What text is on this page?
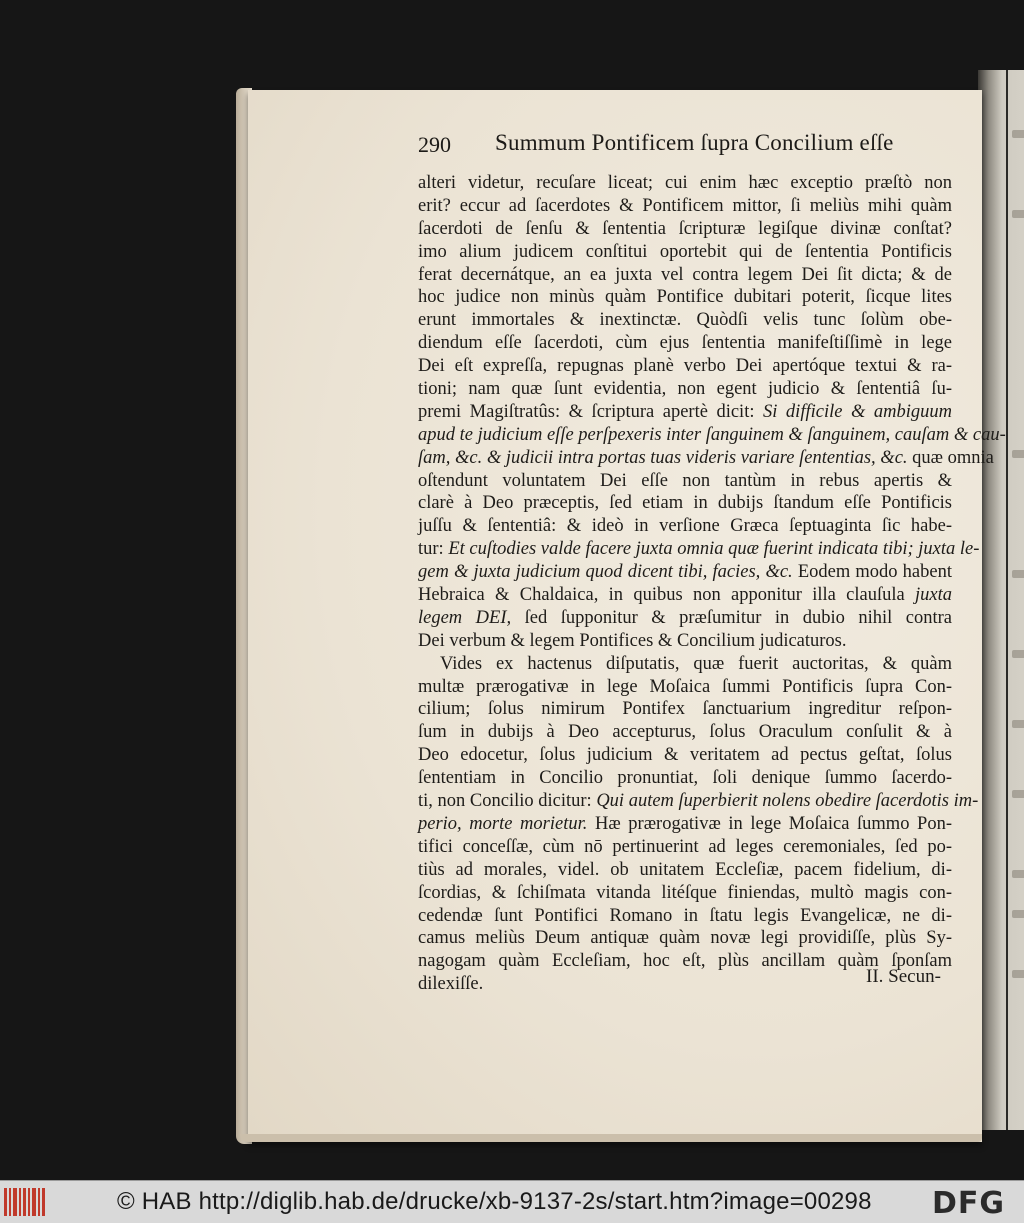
290 Summum Pontificem ſupra Concilium eſſe
alteri videtur, recuſare liceat; cui enim hæc exceptio præſtò non
erit? eccur ad ſacerdotes & Pontificem mittor, ſi meliùs mihi quàm
ſacerdoti de ſenſu & ſententia ſcripturæ legiſque divinæ conſtat?
imo alium judicem conſtitui oportebit qui de ſententia Pontificis
ferat decernátque, an ea juxta vel contra legem Dei ſit dicta; & de
hoc judice non minùs quàm Pontifice dubitari poterit, ſicque lites
erunt immortales & inextinctæ. Quòdſi velis tunc ſolùm obe-
diendum eſſe ſacerdoti, cùm ejus ſententia manifeſtiſſimè in lege
Dei eſt expreſſa, repugnas planè verbo Dei apertóque textui & ra-
tioni; nam quæ ſunt evidentia, non egent judicio & ſententiâ ſu-
premi Magiſtratûs: & ſcriptura apertè dicit: Si difficile & ambiguum
apud te judicium eſſe perſpexeris inter ſanguinem & ſanguinem, cauſam & cau-
ſam, &c. & judicii intra portas tuas videris variare ſententias, &c. quæ omnia
oſtendunt voluntatem Dei eſſe non tantùm in rebus apertis &
clarè à Deo præceptis, ſed etiam in dubijs ſtandum eſſe Pontificis
juſſu & ſententiâ: & ideò in verſione Græca ſeptuaginta ſic habe-
tur: Et cuſtodies valde facere juxta omnia quæ fuerint indicata tibi; juxta le-
gem & juxta judicium quod dicent tibi, facies, &c. Eodem modo habent
Hebraica & Chaldaica, in quibus non apponitur illa clauſula juxta
legem DEI, ſed ſupponitur & præſumitur in dubio nihil contra
Dei verbum & legem Pontifices & Concilium judicaturos.
Vides ex hactenus diſputatis, quæ fuerit auctoritas, & quàm
multæ prærogativæ in lege Moſaica ſummi Pontificis ſupra Con-
cilium; ſolus nimirum Pontifex ſanctuarium ingreditur reſpon-
ſum in dubijs à Deo accepturus, ſolus Oraculum conſulit & à
Deo edocetur, ſolus judicium & veritatem ad pectus geſtat, ſolus
ſententiam in Concilio pronuntiat, ſoli denique ſummo ſacerdo-
ti, non Concilio dicitur: Qui autem ſuperbierit nolens obedire ſacerdotis im-
perio, morte morietur. Hæ prærogativæ in lege Moſaica ſummo Pon-
tifici conceſſæ, cùm nō pertinuerint ad leges ceremoniales, ſed po-
tiùs ad morales, videl. ob unitatem Eccleſiæ, pacem fidelium, di-
ſcordias, & ſchiſmata vitanda litéſque finiendas, multò magis con-
cedendæ ſunt Pontifici Romano in ſtatu legis Evangelicæ, ne di-
camus meliùs Deum antiquæ quàm novæ legi providiſſe, plùs Sy-
nagogam quàm Eccleſiam, hoc eſt, plùs ancillam quàm ſponſam
dilexiſſe.	II. Secun-
© HAB http://diglib.hab.de/drucke/xb-9137-2s/start.htm?image=00298 DFG
